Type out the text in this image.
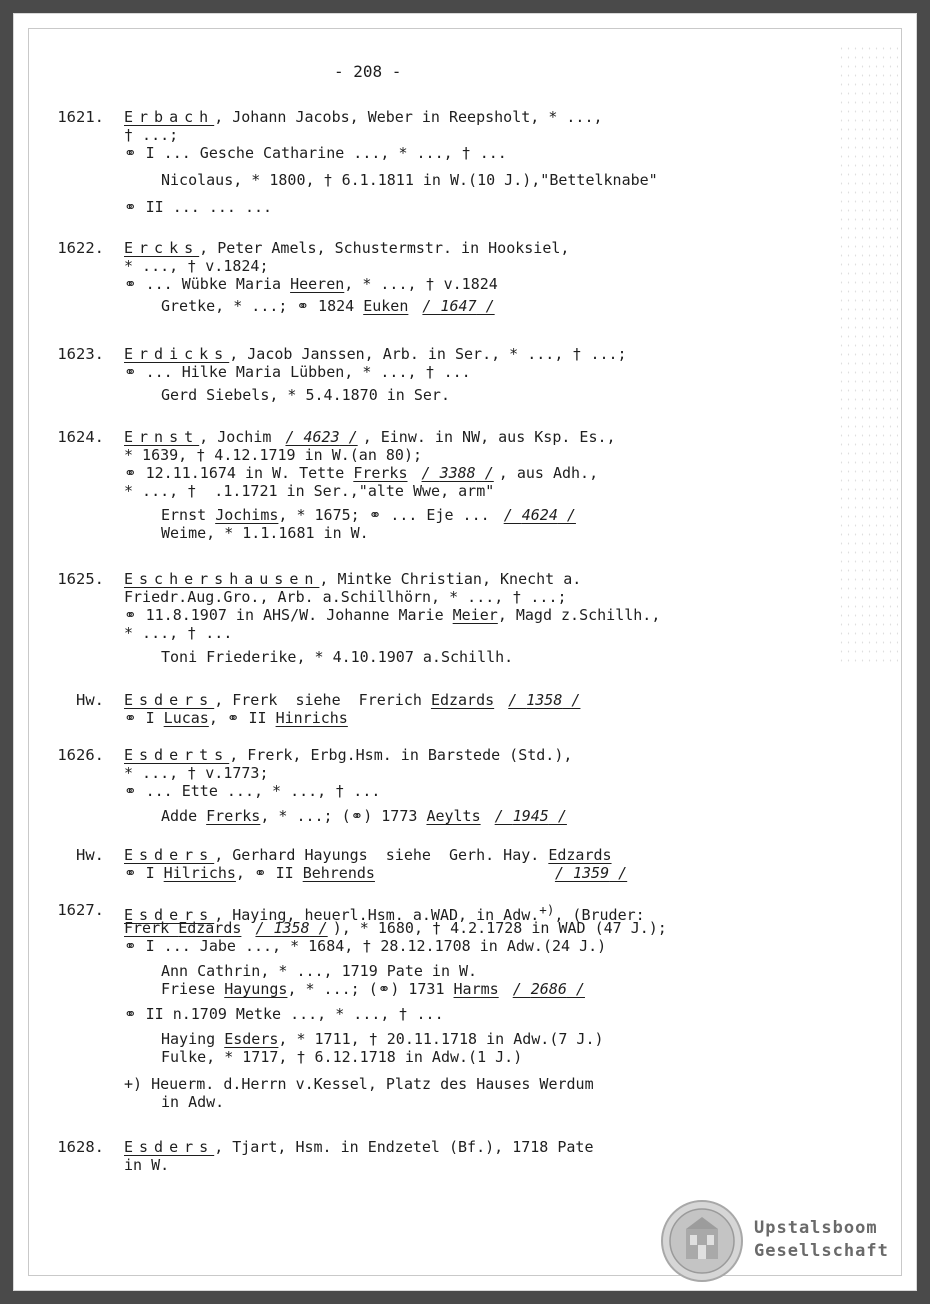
- 208 -
1621. Erbach, Johann Jacobs, Weber in Reepsholt, * ...,
† ...;
⚭ I ... Gesche Catharine ..., * ..., † ...
Nicolaus, * 1800, † 6.1.1811 in W.(10 J.),"Bettelknabe"
⚭ II ... ... ...
1622. Ercks, Peter Amels, Schustermstr. in Hooksiel,
* ..., † v.1824;
⚭ ... Wübke Maria Heeren, * ..., † v.1824
Gretke, * ...; ⚭ 1824 Euken / 1647 /
1623. Erdicks, Jacob Janssen, Arb. in Ser., * ..., † ...;
⚭ ... Hilke Maria Lübben, * ..., † ...
Gerd Siebels, * 5.4.1870 in Ser.
1624. Ernst, Jochim / 4623 / , Einw. in NW, aus Ksp. Es.,
* 1639, † 4.12.1719 in W.(an 80);
⚭ 12.11.1674 in W. Tette Frerks / 3388 / , aus Adh.,
* ..., †  .1.1721 in Ser.,"alte Wwe, arm"
Ernst Jochims, * 1675; ⚭ ... Eje ... / 4624 /
Weime, * 1.1.1681 in W.
1625. Eschershausen, Mintke Christian, Knecht a.
Friedr.Aug.Gro., Arb. a.Schillhörn, * ..., † ...;
⚭ 11.8.1907 in AHS/W. Johanne Marie Meier, Magd z.Schillh.,
* ..., † ...
Toni Friederike, * 4.10.1907 a.Schillh.
Hw. Esders, Frerk  siehe  Frerich Edzards / 1358 /
⚭ I Lucas, ⚭ II Hinrichs
1626. Esderts, Frerk, Erbg.Hsm. in Barstede (Std.),
* ..., † v.1773;
⚭ ... Ette ..., * ..., † ...
Adde Frerks, * ...; (⚭) 1773 Aeylts / 1945 /
Hw. Esders, Gerhard Hayungs  siehe  Gerh. Hay. Edzards
⚭ I Hilrichs, ⚭ II Behrends	/ 1359 /
1627. Esders, Haying, heuerl.Hsm. a.WAD, in Adw.+), (Bruder:
Frerk Edzards / 1358 / ), * 1680, † 4.2.1728 in WAD (47 J.);
⚭ I ... Jabe ..., * 1684, † 28.12.1708 in Adw.(24 J.)
Ann Cathrin, * ..., 1719 Pate in W.
Friese Hayungs, * ...; (⚭) 1731 Harms / 2686 /
⚭ II n.1709 Metke ..., * ..., † ...
Haying Esders, * 1711, † 20.11.1718 in Adw.(7 J.)
Fulke, * 1717, † 6.12.1718 in Adw.(1 J.)
+) Heuerm. d.Herrn v.Kessel, Platz des Hauses Werdum
in Adw.
1628. Esders, Tjart, Hsm. in Endzetel (Bf.), 1718 Pate
in W.
Upstalsboom
Gesellschaft
